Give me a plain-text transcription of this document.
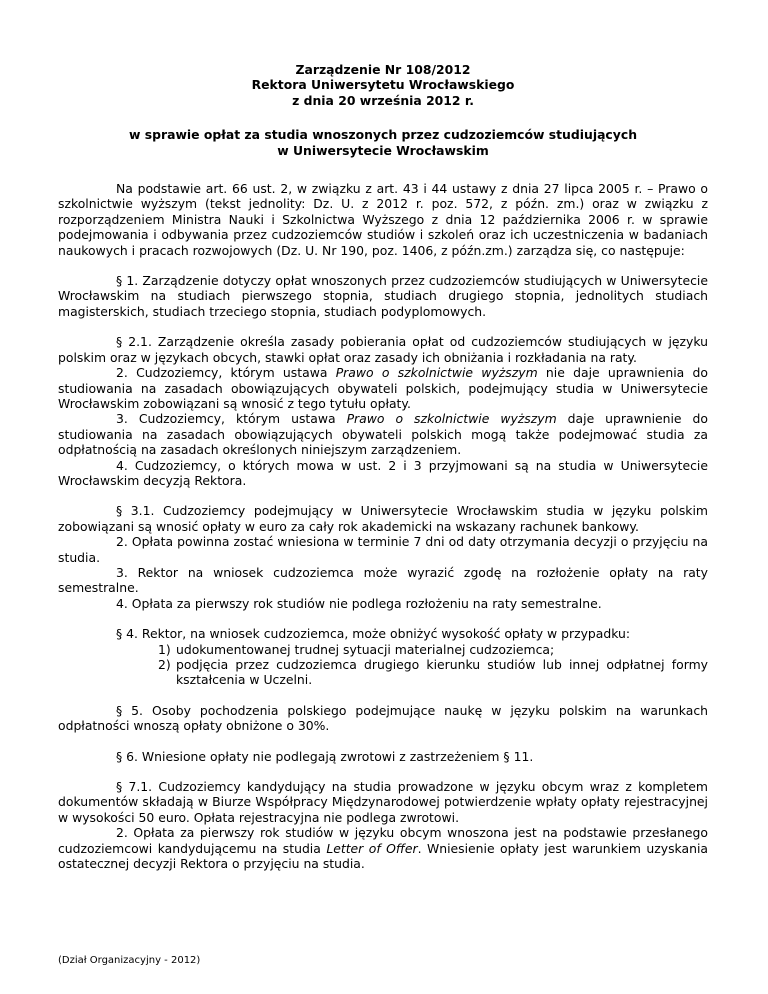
Zarządzenie Nr 108/2012
Rektora Uniwersytetu Wrocławskiego
z dnia 20 września 2012 r.
w sprawie opłat za studia wnoszonych przez cudzoziemców studiujących
w Uniwersytecie Wrocławskim

Na podstawie art. 66 ust. 2, w związku z art. 43 i 44 ustawy z dnia 27 lipca 2005 r. – Prawo o szkolnictwie wyższym (tekst jednolity: Dz. U. z 2012 r. poz. 572, z późn. zm.) oraz w związku z rozporządzeniem Ministra Nauki i Szkolnictwa Wyższego z dnia 12 października 2006 r. w sprawie podejmowania i odbywania przez cudzoziemców studiów i szkoleń oraz ich uczestniczenia w badaniach naukowych i pracach rozwojowych (Dz. U. Nr 190, poz. 1406, z późn.zm.) zarządza się, co następuje:

§ 1. Zarządzenie dotyczy opłat wnoszonych przez cudzoziemców studiujących w Uniwersytecie Wrocławskim na studiach pierwszego stopnia, studiach drugiego stopnia, jednolitych studiach magisterskich, studiach trzeciego stopnia, studiach podyplomowych.

§ 2.1. Zarządzenie określa zasady pobierania opłat od cudzoziemców studiujących w języku polskim oraz w językach obcych, stawki opłat oraz zasady ich obniżania i rozkładania na raty.

2. Cudzoziemcy, którym ustawa Prawo o szkolnictwie wyższym nie daje uprawnienia do studiowania na zasadach obowiązujących obywateli polskich, podejmujący studia w Uniwersytecie Wrocławskim zobowiązani są wnosić z tego tytułu opłaty.

3. Cudzoziemcy, którym ustawa Prawo o szkolnictwie wyższym daje uprawnienie do studiowania na zasadach obowiązujących obywateli polskich mogą także podejmować studia za odpłatnością na zasadach określonych niniejszym zarządzeniem.

4. Cudzoziemcy, o których mowa w ust. 2 i 3 przyjmowani są na studia w Uniwersytecie Wrocławskim decyzją Rektora.

§ 3.1. Cudzoziemcy podejmujący w Uniwersytecie Wrocławskim studia w języku polskim zobowiązani są wnosić opłaty w euro za cały rok akademicki na wskazany rachunek bankowy.

2. Opłata powinna zostać wniesiona w terminie 7 dni od daty otrzymania decyzji o przyjęciu na studia.

3. Rektor na wniosek cudzoziemca może wyrazić zgodę na rozłożenie opłaty na raty semestralne.

4. Opłata za pierwszy rok studiów nie podlega rozłożeniu na raty semestralne.

§ 4. Rektor, na wniosek cudzoziemca, może obniżyć wysokość opłaty w przypadku:

1) udokumentowanej trudnej sytuacji materialnej cudzoziemca;
2) podjęcia przez cudzoziemca drugiego kierunku studiów lub innej odpłatnej formy kształcenia w Uczelni.

§ 5. Osoby pochodzenia polskiego podejmujące naukę w języku polskim na warunkach odpłatności wnoszą opłaty obniżone o 30%.

§ 6. Wniesione opłaty nie podlegają zwrotowi z zastrzeżeniem § 11.

§ 7.1. Cudzoziemcy kandydujący na studia prowadzone w języku obcym wraz z kompletem dokumentów składają w Biurze Współpracy Międzynarodowej potwierdzenie wpłaty opłaty rejestracyjnej w wysokości 50 euro. Opłata rejestracyjna nie podlega zwrotowi.

2. Opłata za pierwszy rok studiów w języku obcym wnoszona jest na podstawie przesłanego cudzoziemcowi kandydującemu na studia Letter of Offer. Wniesienie opłaty jest warunkiem uzyskania ostatecznej decyzji Rektora o przyjęciu na studia.

(Dział Organizacyjny - 2012)
